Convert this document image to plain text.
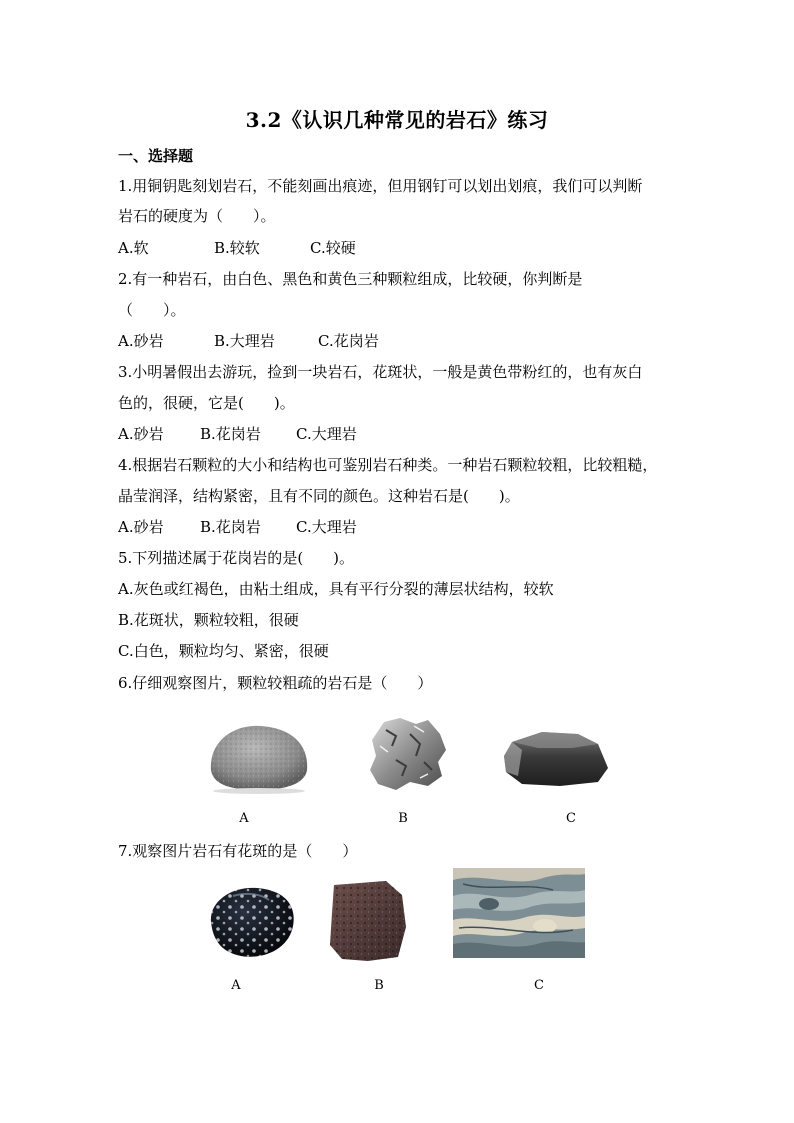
3.2《认识几种常见的岩石》练习
一、选择题
1.用铜钥匙刻划岩石，不能刻画出痕迹，但用钢钉可以划出划痕，我们可以判断
岩石的硬度为（　　）。
A.软	B.较软	C.较硬
2.有一种岩石，由白色、黑色和黄色三种颗粒组成，比较硬，你判断是
（　　）。
A.砂岩	B.大理岩	C.花岗岩
3.小明暑假出去游玩，捡到一块岩石，花斑状，一般是黄色带粉红的，也有灰白
色的，很硬，它是(　　)。
A.砂岩 B.花岗岩 C.大理岩
4.根据岩石颗粒的大小和结构也可鉴别岩石种类。一种岩石颗粒较粗，比较粗糙，
晶莹润泽，结构紧密，且有不同的颜色。这种岩石是(　　)。
A.砂岩 B.花岗岩 C.大理岩
5.下列描述属于花岗岩的是(　　)。
A.灰色或红褐色，由粘土组成，具有平行分裂的薄层状结构，较软
B.花斑状，颗粒较粗，很硬
C.白色，颗粒均匀、紧密，很硬
6.仔细观察图片，颗粒较粗疏的岩石是（　　）
A	B	C
7.观察图片岩石有花斑的是（　　）
A	B	C
